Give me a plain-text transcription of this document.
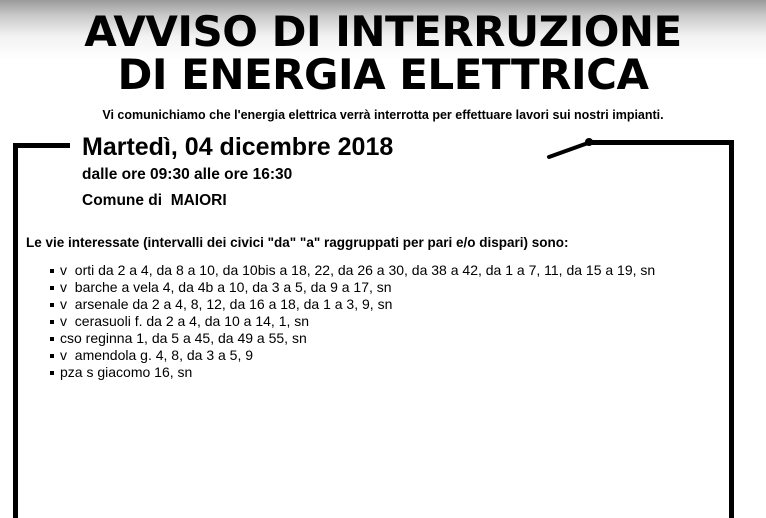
AVVISO DI INTERRUZIONE
DI ENERGIA ELETTRICA

Vi comunichiamo che l'energia elettrica verrà interrotta per effettuare lavori sui nostri impianti.

Martedì, 04 dicembre 2018

dalle ore 09:30 alle ore 16:30

Comune di  MAIORI

Le vie interessate (intervalli dei civici "da" "a" raggruppati per pari e/o dispari) sono:

v  orti da 2 a 4, da 8 a 10, da 10bis a 18, 22, da 26 a 30, da 38 a 42, da 1 a 7, 11, da 15 a 19, sn
v  barche a vela 4, da 4b a 10, da 3 a 5, da 9 a 17, sn
v  arsenale da 2 a 4, 8, 12, da 16 a 18, da 1 a 3, 9, sn
v  cerasuoli f. da 2 a 4, da 10 a 14, 1, sn
cso reginna 1, da 5 a 45, da 49 a 55, sn
v  amendola g. 4, 8, da 3 a 5, 9
pza s giacomo 16, sn
